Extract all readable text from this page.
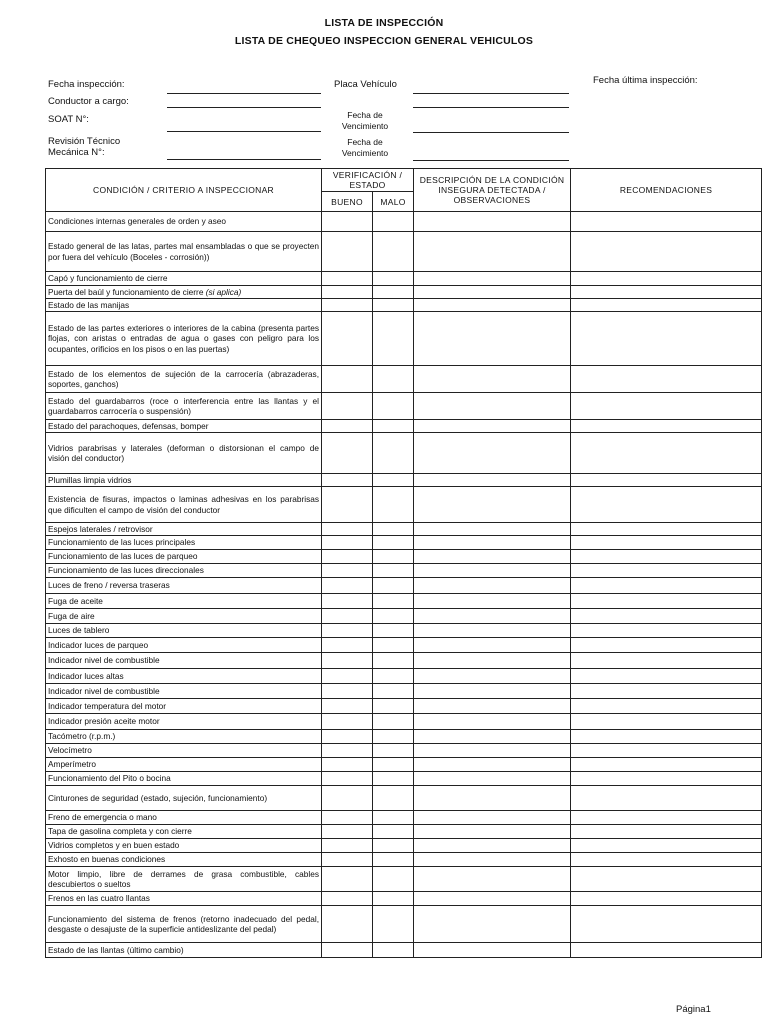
LISTA DE INSPECCIÓN
LISTA DE CHEQUEO INSPECCION GENERAL VEHICULOS
Fecha inspección:
Conductor a cargo:
SOAT N°:
Revisión Técnico Mecánica N°:
Placa Vehículo
Fecha de Vencimiento
Fecha de Vencimiento
Fecha última inspección:
CONDICIÓN / CRITERIO A INSPECCIONAR	VERIFICACIÓN / ESTADO		DESCRIPCIÓN DE LA CONDICIÓN INSEGURA DETECTADA / OBSERVACIONES	RECOMENDACIONES
	BUENO	MALO		
Condiciones internas generales de orden y aseo				
Estado general de las latas, partes mal ensambladas o que se proyecten por fuera del vehículo (Boceles - corrosión))				
Capó y funcionamiento de cierre				
Puerta del baúl y funcionamiento de cierre (si aplica)				
Estado de las manijas				
Estado de las partes exteriores o interiores de la cabina (presenta partes flojas, con aristas o entradas de agua o gases con peligro para los ocupantes, orificios en los pisos o en las puertas)				
Estado de los elementos de sujeción de la carrocería (abrazaderas, soportes, ganchos)				
Estado del guardabarros (roce o interferencia entre las llantas y el guardabarros carrocería o suspensión)				
Estado del parachoques, defensas, bomper				
Vidrios parabrisas y laterales (deforman o distorsionan el campo de visión del conductor)				
Plumillas limpia vidrios				
Existencia de fisuras, impactos o laminas adhesivas en los parabrisas que dificulten el campo de visión del conductor				
Espejos laterales / retrovisor				
Funcionamiento de las luces principales				
Funcionamiento de las luces de parqueo				
Funcionamiento de las luces direccionales				
Luces de freno / reversa traseras				
Fuga de aceite				
Fuga de aire				
Luces de tablero				
Indicador luces de parqueo				
Indicador nivel de combustible				
Indicador luces altas				
Indicador nivel de combustible				
Indicador temperatura del motor				
Indicador presión aceite motor				
Tacómetro (r.p.m.)				
Velocímetro				
Amperímetro				
Funcionamiento del Pito o bocina				
Cinturones de seguridad (estado, sujeción, funcionamiento)				
Freno de emergencia o mano				
Tapa de gasolina completa y con cierre				
Vidrios completos y en buen estado				
Exhosto en buenas condiciones				
Motor limpio, libre de derrames de grasa combustible, cables descubiertos o sueltos				
Frenos en las cuatro llantas				
Funcionamiento del sistema de frenos (retorno inadecuado del pedal, desgaste o desajuste de la superficie antideslizante del pedal)				
Estado de las llantas (último cambio)				
Página1
